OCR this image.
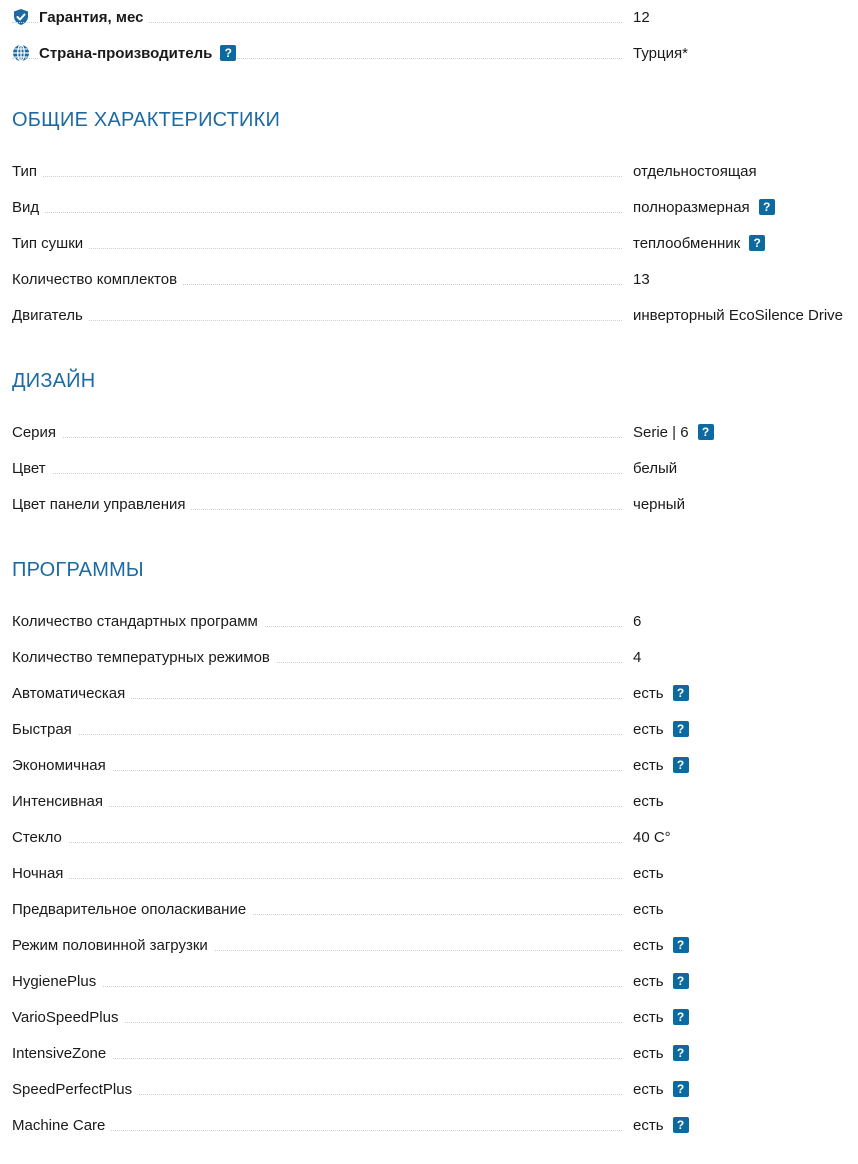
Гарантия, мес	12
Страна-производитель	?	Турция*
ОБЩИЕ ХАРАКТЕРИСТИКИ
Тип	отдельностоящая
Вид	полноразмерная	?
Тип сушки	теплообменник	?
Количество комплектов	13
Двигатель	инверторный EcoSilence Drive
ДИЗАЙН
Серия	Serie | 6	?
Цвет	белый
Цвет панели управления	черный
ПРОГРАММЫ
Количество стандартных программ	6
Количество температурных режимов	4
Автоматическая	есть	?
Быстрая	есть	?
Экономичная	есть	?
Интенсивная	есть
Стекло	40 С°
Ночная	есть
Предварительное ополаскивание	есть
Режим половинной загрузки	есть	?
HygienePlus	есть	?
VarioSpeedPlus	есть	?
IntensiveZone	есть	?
SpeedPerfectPlus	есть	?
Machine Care	есть	?
